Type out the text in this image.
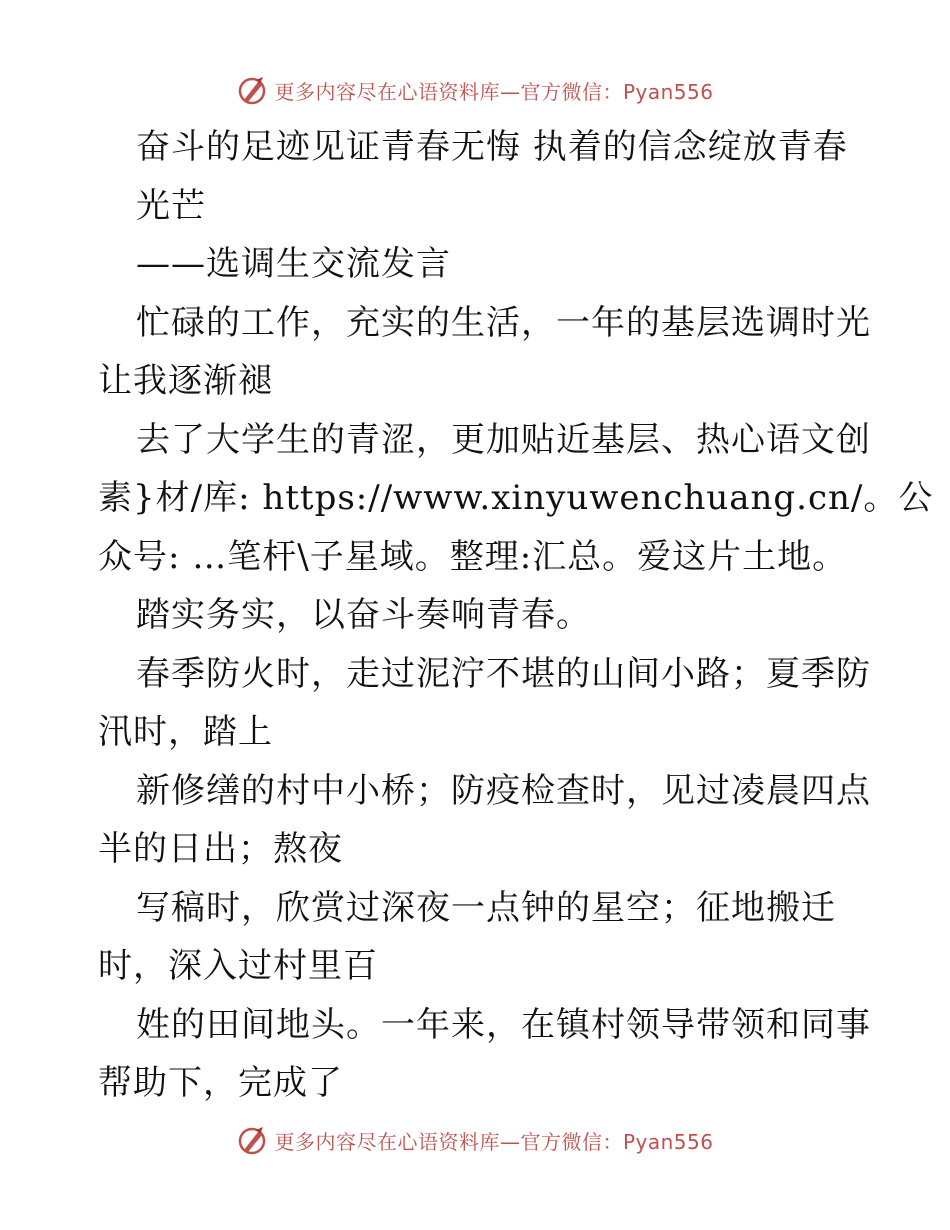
更多内容尽在心语资料库—官方微信：Pyan556
奋斗的足迹见证青春无悔 执着的信念绽放青春
光芒
——选调生交流发言
忙碌的工作，充实的生活，一年的基层选调时光
让我逐渐褪
去了大学生的青涩，更加贴近基层、热心语文创
素}材/库: https://www.xinyuwenchuang.cn/。公
众号: …笔杆\子星域。整理:汇总。爱这片土地。
踏实务实，以奋斗奏响青春。
春季防火时，走过泥泞不堪的山间小路；夏季防
汛时，踏上
新修缮的村中小桥；防疫检查时，见过凌晨四点
半的日出；熬夜
写稿时，欣赏过深夜一点钟的星空；征地搬迁
时，深入过村里百
姓的田间地头。一年来，在镇村领导带领和同事
帮助下，完成了
更多内容尽在心语资料库—官方微信：Pyan556
